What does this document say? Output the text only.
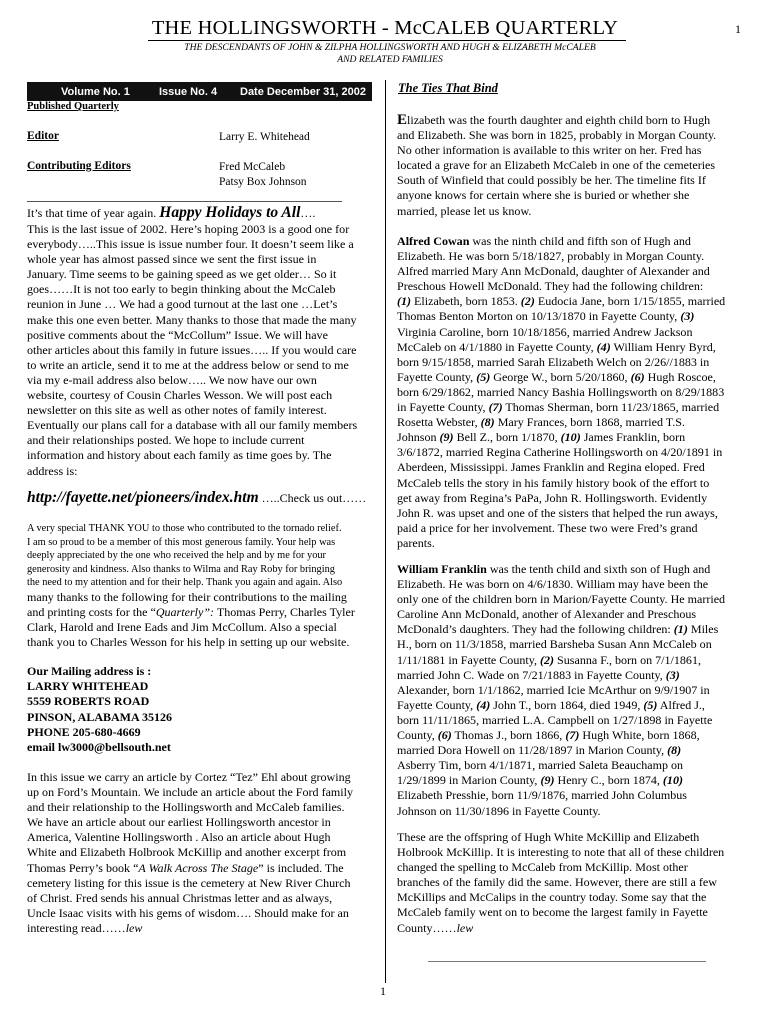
1
THE HOLLINGSWORTH - McCALEB QUARTERLY
THE DESCENDANTS OF JOHN & ZILPHA HOLLINGSWORTH AND HUGH & ELIZABETH McCALEB
AND RELATED FAMILIES
Volume No. 1	Issue No. 4 Date December 31, 2002
Published Quarterly
Editor	Larry E. Whitehead
Contributing Editors	Fred McCaleb
Patsy Box Johnson
It’s that time of year again. Happy Holidays to All….
This is the last issue of 2002. Here’s hoping 2003 is a good one for
everybody…..This issue is issue number four. It doesn’t seem like a
whole year has almost passed since we sent the first issue in
January. Time seems to be gaining speed as we get older… So it
goes……It is not too early to begin thinking about the McCaleb
reunion in June … We had a good turnout at the last one …Let’s
make this one even better. Many thanks to those that made the many
positive comments about the “McCollum” Issue. We will have
other articles about this family in future issues….. If you would care
to write an article, send it to me at the address below or send to me
via my e-mail address also below….. We now have our own
website, courtesy of Cousin Charles Wesson. We will post each
newsletter on this site as well as other notes of family interest.
Eventually our plans call for a database with all our family members
and their relationships posted. We hope to include current
information and history about each family as time goes by. The
address is:
http://fayette.net/pioneers/index.htm …..Check us out……
A very special THANK YOU to those who contributed to the tornado relief.
I am so proud to be a member of this most generous family. Your help was
deeply appreciated by the one who received the help and by me for your
generosity and kindness. Also thanks to Wilma and Ray Roby for bringing
the need to my attention and for their help. Thank you again and again. Also
many thanks to the following for their contributions to the mailing
and printing costs for the “Quarterly”: Thomas Perry, Charles Tyler
Clark, Harold and Irene Eads and Jim McCollum. Also a special
thank you to Charles Wesson for his help in setting up our website.
Our Mailing address is :
LARRY WHITEHEAD
5559 ROBERTS ROAD
PINSON, ALABAMA 35126
PHONE 205-680-4669
email lw3000@bellsouth.net
In this issue we carry an article by Cortez “Tez” Ehl about growing
up on Ford’s Mountain. We include an article about the Ford family
and their relationship to the Hollingsworth and McCaleb families.
We have an article about our earliest Hollingsworth ancestor in
America, Valentine Hollingsworth . Also an article about Hugh
White and Elizabeth Holbrook McKillip and another excerpt from
Thomas Perry’s book “A Walk Across The Stage” is included. The
cemetery listing for this issue is the cemetery at New River Church
of Christ. Fred sends his annual Christmas letter and as always,
Uncle Isaac visits with his gems of wisdom…. Should make for an
interesting read……lew
The Ties That Bind
Elizabeth was the fourth daughter and eighth child born to Hugh
and Elizabeth. She was born in 1825, probably in Morgan County.
No other information is available to this writer on her. Fred has
located a grave for an Elizabeth McCaleb in one of the cemeteries
South of Winfield that could possibly be her. The timeline fits If
anyone knows for certain where she is buried or whether she
married, please let us know.
Alfred Cowan was the ninth child and fifth son of Hugh and
Elizabeth. He was born 5/18/1827, probably in Morgan County.
Alfred married Mary Ann McDonald, daughter of Alexander and
Preschous Howell McDonald. They had the following children:
(1) Elizabeth, born 1853. (2) Eudocia Jane, born 1/15/1855, married
Thomas Benton Morton on 10/13/1870 in Fayette County, (3)
Virginia Caroline, born 10/18/1856, married Andrew Jackson
McCaleb on 4/1/1880 in Fayette County, (4) William Henry Byrd,
born 9/15/1858, married Sarah Elizabeth Welch on 2/26//1883 in
Fayette County, (5) George W., born 5/20/1860, (6) Hugh Roscoe,
born 6/29/1862, married Nancy Bashia Hollingsworth on 8/29/1883
in Fayette County, (7) Thomas Sherman, born 11/23/1865, married
Rosetta Webster, (8) Mary Frances, born 1868, married T.S.
Johnson (9) Bell Z., born 1/1870, (10) James Franklin, born
3/6/1872, married Regina Catherine Hollingsworth on 4/20/1891 in
Aberdeen, Mississippi. James Franklin and Regina eloped. Fred
McCaleb tells the story in his family history book of the effort to
get away from Regina’s PaPa, John R. Hollingsworth. Evidently
John R. was upset and one of the sisters that helped the run aways,
paid a price for her involvement. These two were Fred’s grand
parents.
William Franklin was the tenth child and sixth son of Hugh and
Elizabeth. He was born on 4/6/1830. William may have been the
only one of the children born in Marion/Fayette County. He married
Caroline Ann McDonald, another of Alexander and Preschous
McDonald’s daughters. They had the following children: (1) Miles
H., born on 11/3/1858, married Barsheba Susan Ann McCaleb on
1/11/1881 in Fayette County, (2) Susanna F., born on 7/1/1861,
married John C. Wade on 7/21/1883 in Fayette County, (3)
Alexander, born 1/1/1862, married Icie McArthur on 9/9/1907 in
Fayette County, (4) John T., born 1864, died 1949, (5) Alfred J.,
born 11/11/1865, married L.A. Campbell on 1/27/1898 in Fayette
County, (6) Thomas J., born 1866, (7) Hugh White, born 1868,
married Dora Howell on 11/28/1897 in Marion County, (8)
Asberry Tim, born 4/1/1871, married Saleta Beauchamp on
1/29/1899 in Marion County, (9) Henry C., born 1874, (10)
Elizabeth Presshie, born 11/9/1876, married John Columbus
Johnson on 11/30/1896 in Fayette County.
These are the offspring of Hugh White McKillip and Elizabeth
Holbrook McKillip. It is interesting to note that all of these children
changed the spelling to McCaleb from McKillip. Most other
branches of the family did the same. However, there are still a few
McKillips and McCalips in the country today. Some say that the
McCaleb family went on to become the largest family in Fayette
County……lew
1
